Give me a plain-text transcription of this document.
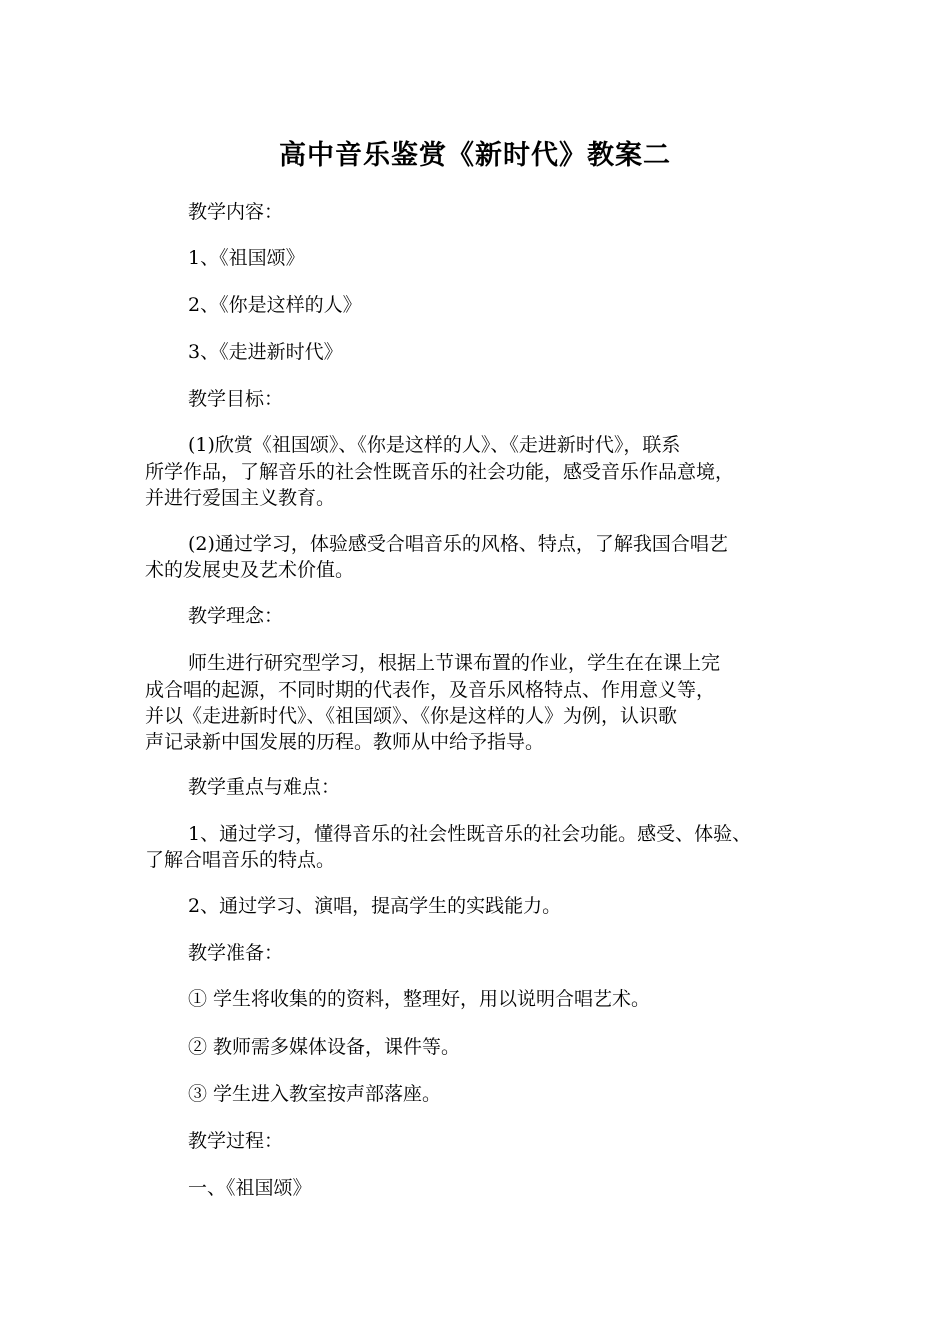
高中音乐鉴赏《新时代》教案二

教学内容：

1、《祖国颂》

2、《你是这样的人》

3、《走进新时代》

教学目标：

(1)欣赏《祖国颂》、《你是这样的人》、《走进新时代》，联系

所学作品，了解音乐的社会性既音乐的社会功能，感受音乐作品意境，

并进行爱国主义教育。

(2)通过学习，体验感受合唱音乐的风格、特点，了解我国合唱艺

术的发展史及艺术价值。

教学理念：

师生进行研究型学习，根据上节课布置的作业，学生在在课上完

成合唱的起源，不同时期的代表作，及音乐风格特点、作用意义等，

并以《走进新时代》、《祖国颂》、《你是这样的人》为例，认识歌

声记录新中国发展的历程。教师从中给予指导。

教学重点与难点：

1、通过学习，懂得音乐的社会性既音乐的社会功能。感受、体验、

了解合唱音乐的特点。

2、通过学习、演唱，提高学生的实践能力。

教学准备：

① 学生将收集的的资料，整理好，用以说明合唱艺术。

② 教师需多媒体设备，课件等。

③ 学生进入教室按声部落座。

教学过程：

一、《祖国颂》
